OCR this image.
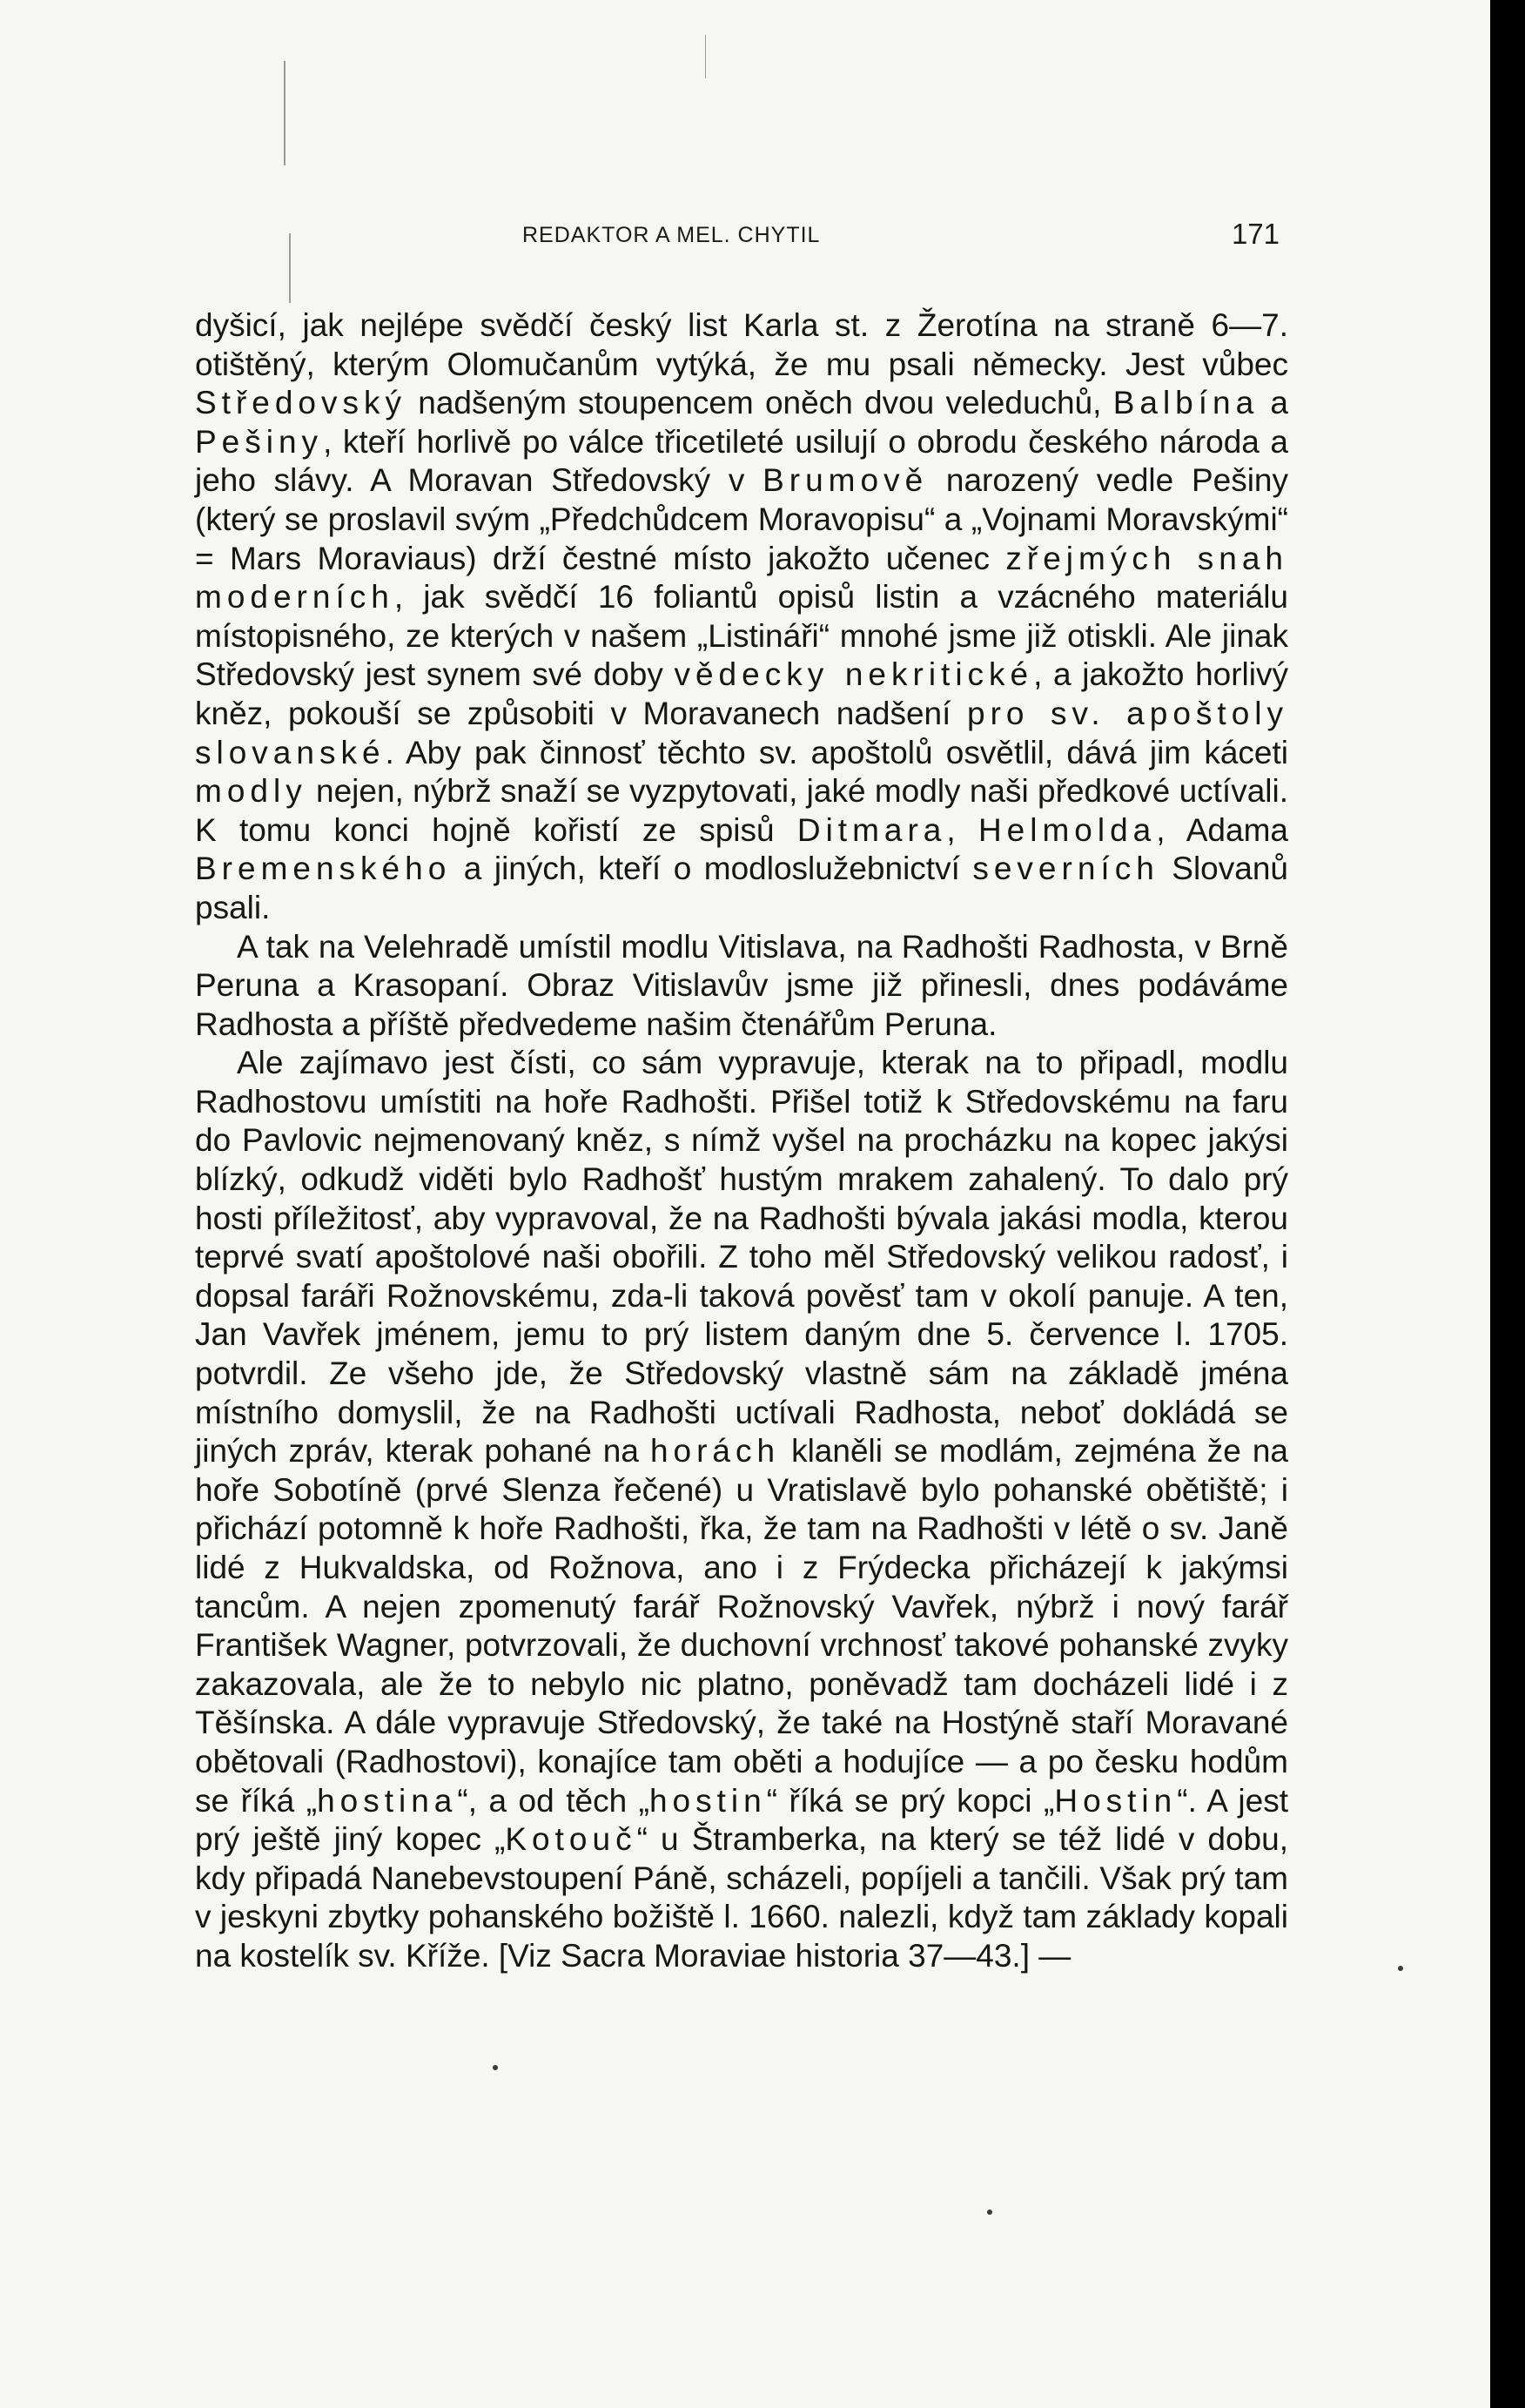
REDAKTOR A MEL. CHYTIL	171

dyšicí, jak nejlépe svědčí český list Karla st. z Žerotína na straně 6—7. otištěný, kterým Olomučanům vytýká, že mu psali německy. Jest vůbec Středovský nadšeným stoupencem oněch dvou veleduchů, Balbína a Pešiny, kteří horlivě po válce třicetileté usilují o obrodu českého národa a jeho slávy. A Moravan Středovský v Brumově narozený vedle Pešiny (který se proslavil svým „Předchůdcem Moravopisu“ a „Vojnami Moravskými“ = Mars Moraviaus) drží čestné místo jakožto učenec zřejmých snah moderních, jak svědčí 16 foliantů opisů listin a vzácného materiálu místopisného, ze kterých v našem „Listináři“ mnohé jsme již otiskli. Ale jinak Středovský jest synem své doby vědecky nekritické, a jakožto horlivý kněz, pokouší se způsobiti v Moravanech nadšení pro sv. apoštoly slovanské. Aby pak činnosť těchto sv. apoštolů osvětlil, dává jim káceti modly nejen, nýbrž snaží se vyzpytovati, jaké modly naši předkové uctívali. K tomu konci hojně kořistí ze spisů Ditmara, Helmolda, Adama Bremenského a jiných, kteří o modloslužebnictví severních Slovanů psali.

A tak na Velehradě umístil modlu Vitislava, na Radhošti Radhosta, v Brně Peruna a Krasopaní. Obraz Vitislavův jsme již přinesli, dnes podáváme Radhosta a příště předvedeme našim čtenářům Peruna.

Ale zajímavo jest čísti, co sám vypravuje, kterak na to připadl, modlu Radhostovu umístiti na hoře Radhošti. Přišel totiž k Středovskému na faru do Pavlovic nejmenovaný kněz, s nímž vyšel na procházku na kopec jakýsi blízký, odkudž viděti bylo Radhošť hustým mrakem zahalený. To dalo prý hosti příležitosť, aby vypravoval, že na Radhošti bývala jakási modla, kterou teprvé svatí apoštolové naši obořili. Z toho měl Středovský velikou radosť, i dopsal faráři Rožnovskému, zda-li taková pověsť tam v okolí panuje. A ten, Jan Vavřek jménem, jemu to prý listem daným dne 5. července l. 1705. potvrdil. Ze všeho jde, že Středovský vlastně sám na základě jména místního domyslil, že na Radhošti uctívali Radhosta, neboť dokládá se jiných zpráv, kterak pohané na horách klaněli se modlám, zejména že na hoře Sobotíně (prvé Slenza řečené) u Vratislavě bylo pohanské obětiště; i přichází potomně k hoře Radhošti, řka, že tam na Radhošti v létě o sv. Janě lidé z Hukvaldska, od Rožnova, ano i z Frýdecka přicházejí k jakýmsi tancům. A nejen zpomenutý farář Rožnovský Vavřek, nýbrž i nový farář František Wagner, potvrzovali, že duchovní vrchnosť takové pohanské zvyky zakazovala, ale že to nebylo nic platno, poněvadž tam docházeli lidé i z Těšínska. A dále vypravuje Středovský, že také na Hostýně staří Moravané obětovali (Radhostovi), konajíce tam oběti a hodujíce — a po česku hodům se říká „hostina“, a od těch „hostin“ říká se prý kopci „Hostin“. A jest prý ještě jiný kopec „Kotouč“ u Štramberka, na který se též lidé v dobu, kdy připadá Nanebevstoupení Páně, scházeli, popíjeli a tančili. Však prý tam v jeskyni zbytky pohanského božiště l. 1660. nalezli, když tam základy kopali na kostelík sv. Kříže. [Viz Sacra Moraviae historia 37—43.] —
